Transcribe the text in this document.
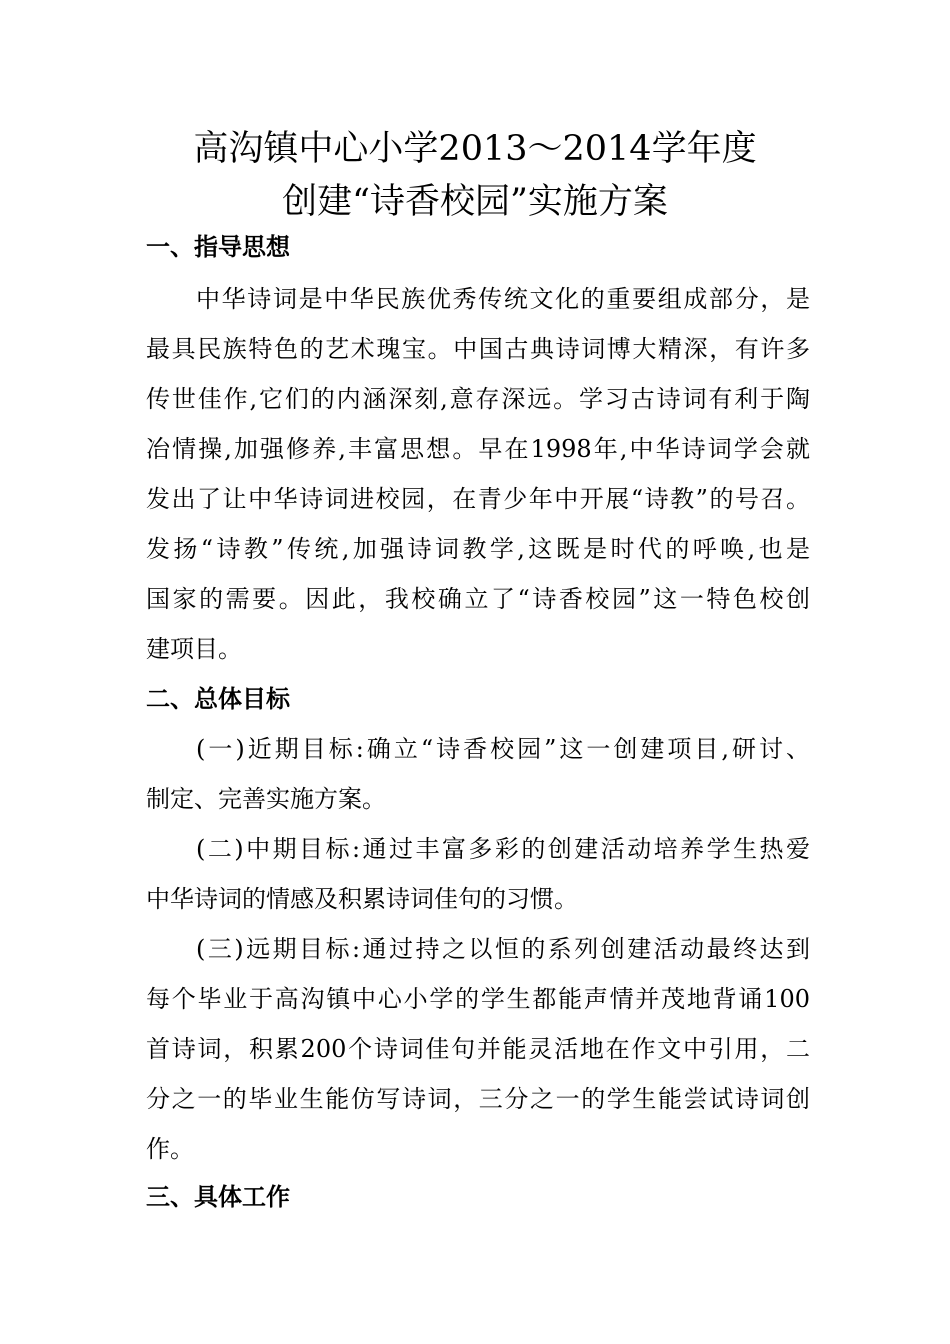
高沟镇中心小学2013～2014学年度
创建“诗香校园”实施方案
一、指导思想
中华诗词是中华民族优秀传统文化的重要组成部分，是
最具民族特色的艺术瑰宝。中国古典诗词博大精深，有许多
传世佳作,它们的内涵深刻,意存深远。学习古诗词有利于陶
冶情操,加强修养,丰富思想。早在1998年,中华诗词学会就
发出了让中华诗词进校园，在青少年中开展“诗教”的号召。
发扬“诗教”传统,加强诗词教学,这既是时代的呼唤,也是
国家的需要。因此，我校确立了“诗香校园”这一特色校创
建项目。
二、总体目标
(一)近期目标:确立“诗香校园”这一创建项目,研讨、
制定、完善实施方案。
(二)中期目标:通过丰富多彩的创建活动培养学生热爱
中华诗词的情感及积累诗词佳句的习惯。
(三)远期目标:通过持之以恒的系列创建活动最终达到
每个毕业于高沟镇中心小学的学生都能声情并茂地背诵100
首诗词，积累200个诗词佳句并能灵活地在作文中引用，二
分之一的毕业生能仿写诗词，三分之一的学生能尝试诗词创
作。
三、具体工作
